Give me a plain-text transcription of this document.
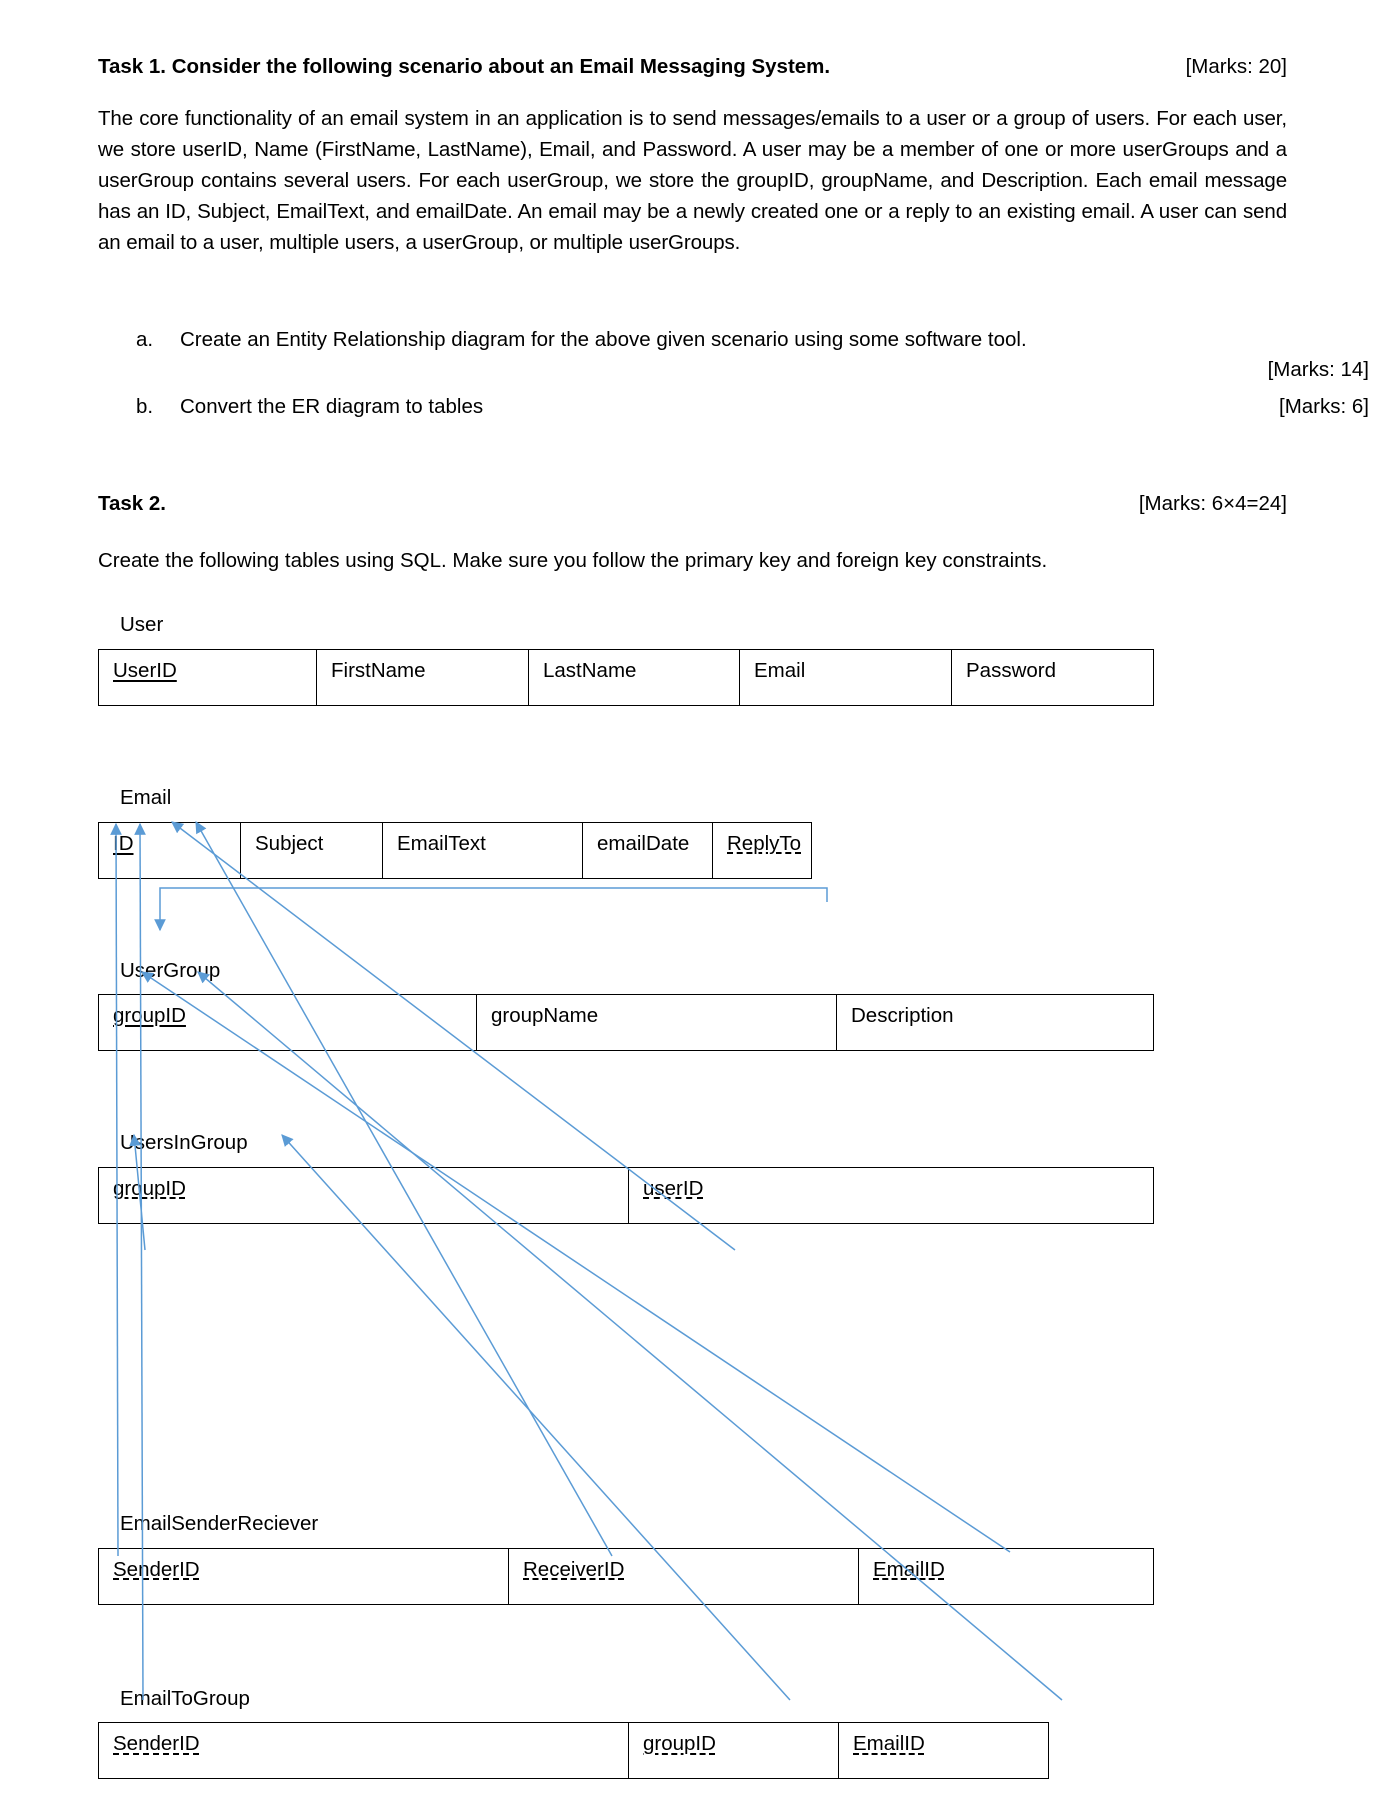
Task 1. Consider the following scenario about an Email Messaging System.	[Marks: 20]

The core functionality of an email system in an application is to send messages/emails to a user or a group of users. For each user, we store userID, Name (FirstName, LastName), Email, and Password. A user may be a member of one or more userGroups and a userGroup contains several users. For each userGroup, we store the groupID, groupName, and Description. Each email message has an ID, Subject, EmailText, and emailDate. An email may be a newly created one or a reply to an existing email. A user can send an email to a user, multiple users, a userGroup, or multiple userGroups.

a. Create an Entity Relationship diagram for the above given scenario using some software tool.
[Marks: 14]
b. Convert the ER diagram to tables	[Marks: 6]
Task 2.	[Marks: 6×4=24]

Create the following tables using SQL. Make sure you follow the primary key and foreign key constraints.

User
UserID	FirstName	LastName	Email	Password
Email
ID	Subject	EmailText	emailDate	ReplyTo
UserGroup
groupID	groupName	Description
UsersInGroup
groupID	userID
EmailSenderReciever
SenderID	ReceiverID	EmailID
EmailToGroup
SenderID	groupID	EmailID
